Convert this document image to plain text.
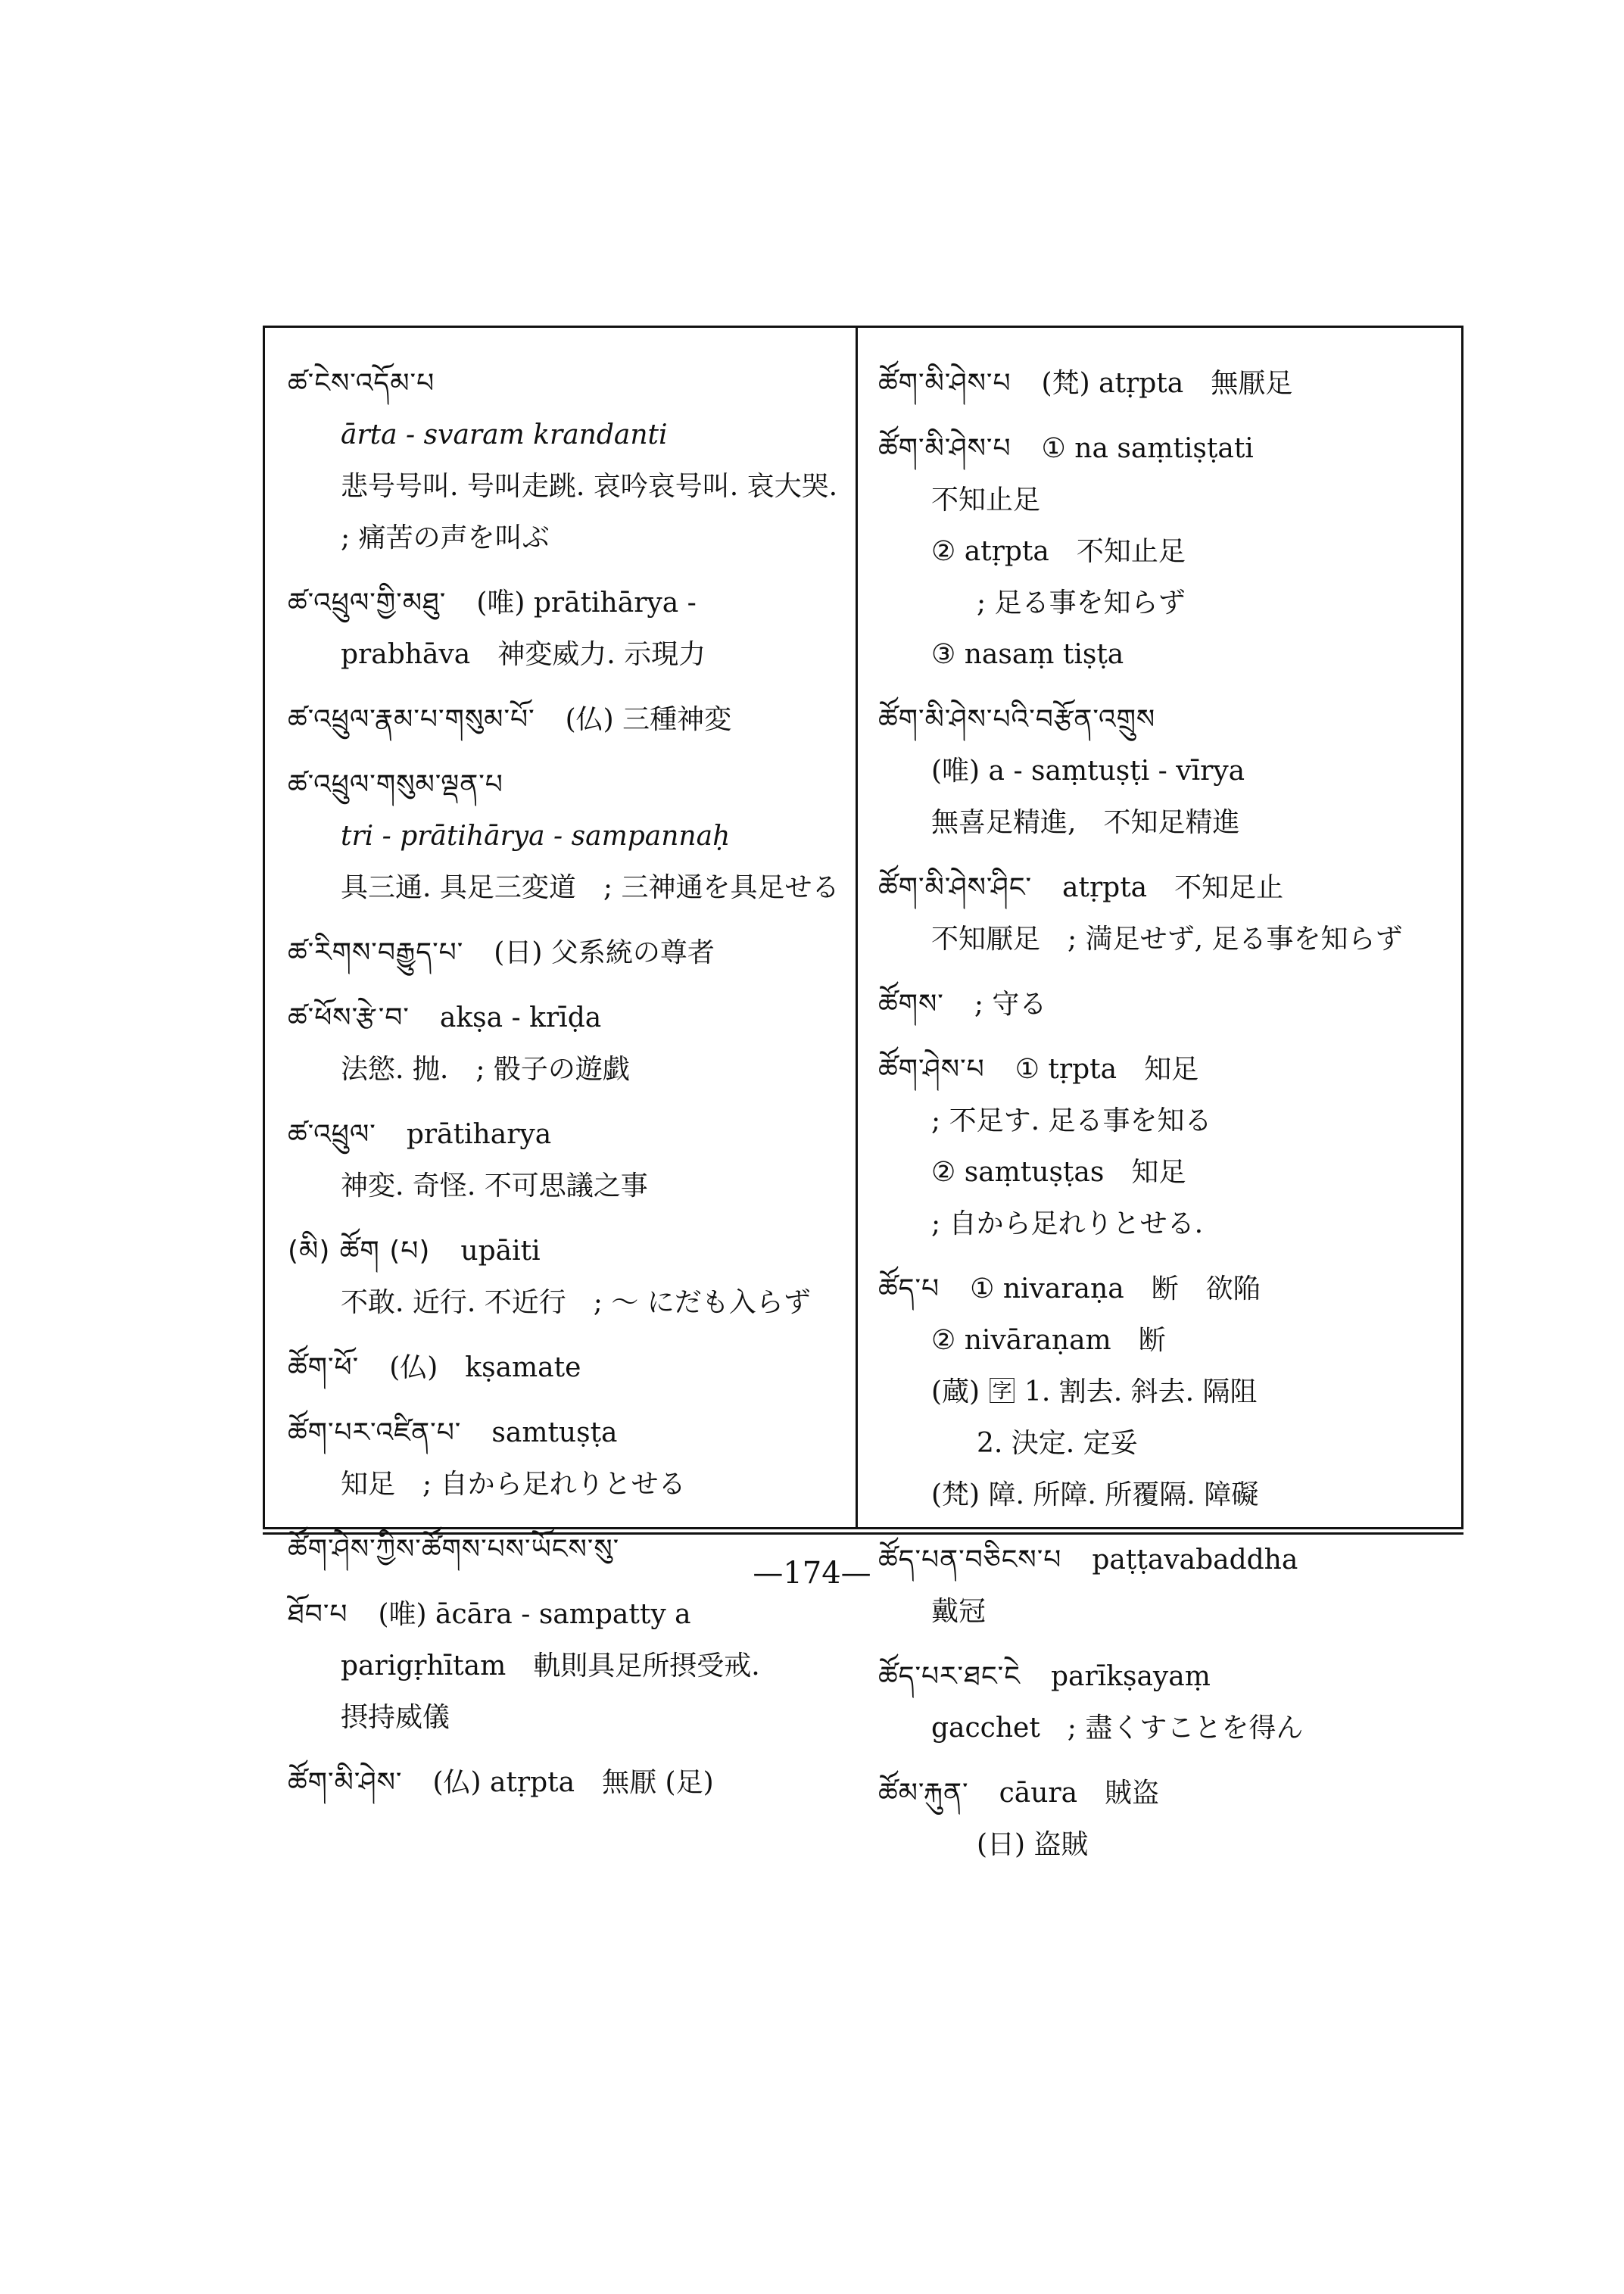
ཚ་ངེས་འདོམ་པ
ārta - svaram krandanti
悲号号叫. 号叫走跳. 哀吟哀号叫. 哀大哭.
; 痛苦の声を叫ぶ
ཚ་འཕྲུལ་གྱི་མཐུ་ (唯) prātihārya -
prabhāva　神変威力. 示現力
ཚ་འཕྲུལ་རྣམ་པ་གསུམ་པོ་ (仏) 三種神変
ཚ་འཕྲུལ་གསུམ་ལྡན་པ
tri - prātihārya - sampannaḥ
具三通. 具足三変道　; 三神通を具足せる
ཚ་རིགས་བརྒྱུད་པ་ (日) 父系統の尊者
ཚ་ཕོས་རྩེ་བ་ akṣa - krīḍa
法慾. 抛.　; 骰子の遊戯
ཚ་འཕྲུལ་ prātiharya
神変. 奇怪. 不可思議之事
(མི) ཚོག (པ) upāiti
不敢. 近行. 不近行　; ～ にだも入らず
ཚོག་ཕོ་ (仏)　kṣamate
ཚོག་པར་འཛིན་པ་ samtuṣṭa
知足　; 自から足れりとせる
ཚོག་ཤེས་ཀྱིས་ཚོགས་པས་ཡོངས་སུ་
ཐོབ་པ (唯) ācāra - sampatty a
parigṛhītam　軌則具足所摂受戒.
摂持威儀
ཚོག་མི་ཤེས་ (仏) atṛpta　無厭 (足)
ཚོག་མི་ཤེས་པ (梵) atṛpta　無厭足
ཚོག་མི་ཤེས་པ ① na saṃtiṣṭati
不知止足
② atṛpta　不知止足
; 足る事を知らず
③ nasaṃ tiṣṭa
ཚོག་མི་ཤེས་པའི་བརྩོན་འགྲུས
(唯) a - saṃtuṣṭi - vīrya
無喜足精進,　不知足精進
ཚོག་མི་ཤེས་ཤིང་ atṛpta　不知足止
不知厭足　; 満足せず, 足る事を知らず
ཚོགས་ ; 守る
ཚོག་ཤེས་པ ① tṛpta　知足
; 不足す. 足る事を知る
② saṃtuṣṭas　知足
; 自から足れりとせる.
ཚོད་པ ① nivaraṇa　断　欲陥
② nivāraṇam　断
(蔵) 🈑 1. 割去. 斜去. 隔阻
2. 決定. 定妥
(梵) 障. 所障. 所覆隔. 障礙
ཚོད་པན་བཅིངས་པ paṭṭavabaddha
戴冠
ཚོད་པར་ཐང་ངེ parīkṣayaṃ
gacchet　; 盡くすことを得ん
ཚོམ་རྐུན་ cāura　賊盗
(日) 盗賊
—174—
